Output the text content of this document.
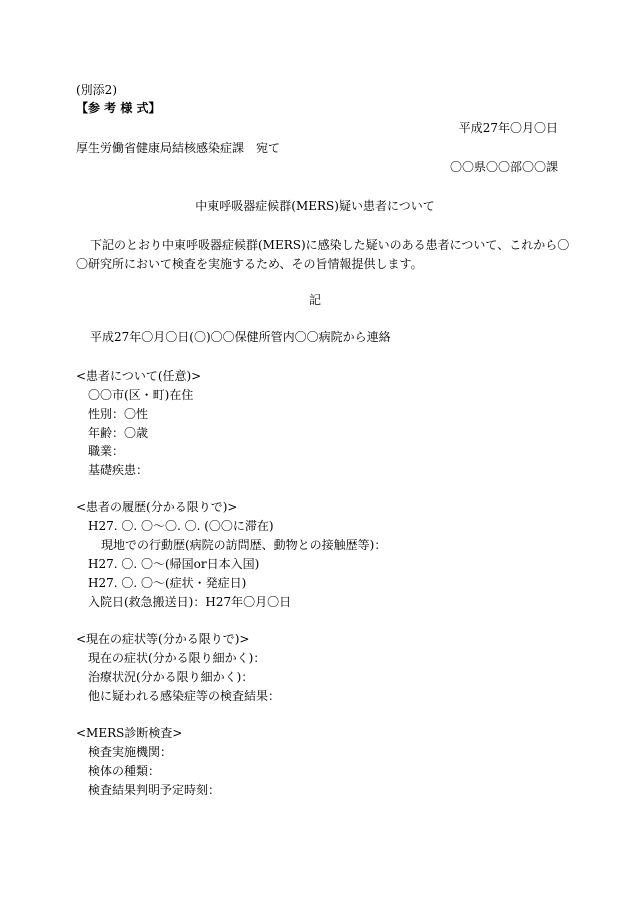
(別添2)
【参 考 様 式】
平成27年〇月〇日
厚生労働省健康局結核感染症課　宛て
〇〇県〇〇部〇〇課
中東呼吸器症候群(MERS)疑い患者について
下記のとおり中東呼吸器症候群(MERS)に感染した疑いのある患者について、これから〇
〇研究所において検査を実施するため、その旨情報提供します。
記
平成27年〇月〇日(〇)〇〇保健所管内〇〇病院から連絡
<患者について(任意)>
〇〇市(区・町)在住
性別：〇性
年齢：〇歳
職業：
基礎疾患：
<患者の履歴(分かる限りで)>
H27. 〇. 〇～〇. 〇. (〇〇に滞在)
現地での行動歴(病院の訪問歴、動物との接触歴等)：
H27. 〇. 〇～(帰国or日本入国)
H27. 〇. 〇～(症状・発症日)
入院日(救急搬送日)：H27年〇月〇日
<現在の症状等(分かる限りで)>
現在の症状(分かる限り細かく)：
治療状況(分かる限り細かく)：
他に疑われる感染症等の検査結果：
<MERS診断検査>
検査実施機関：
検体の種類：
検査結果判明予定時刻：
